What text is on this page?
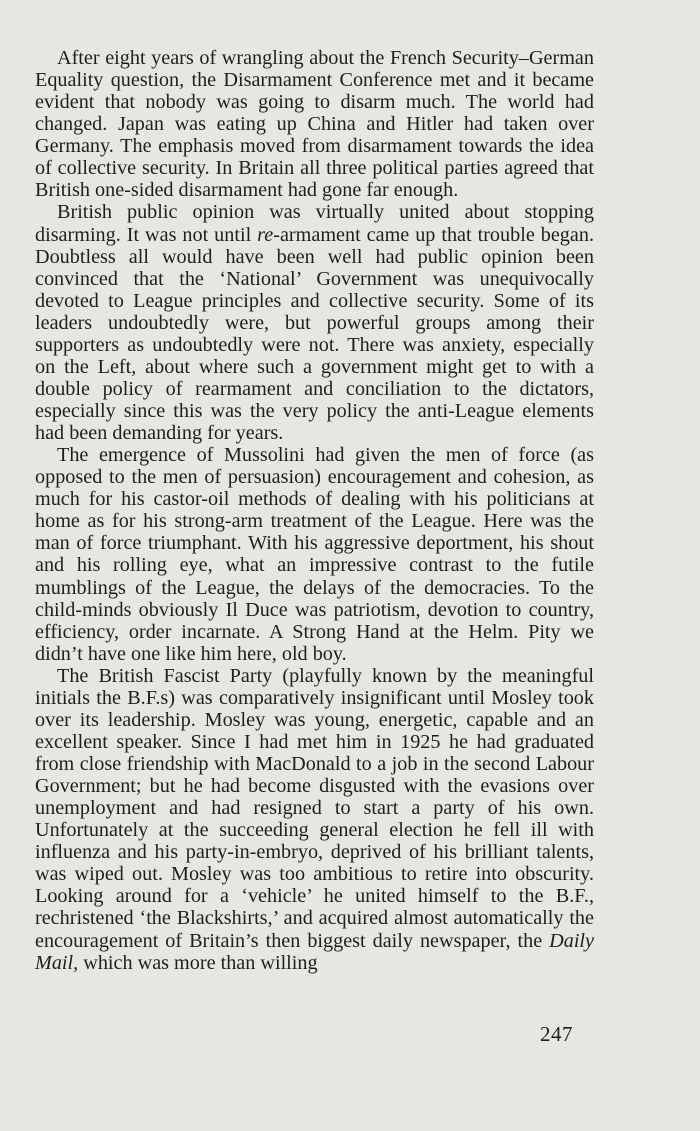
After eight years of wrangling about the French Security–German Equality question, the Disarmament Conference met and it became evident that nobody was going to disarm much. The world had changed. Japan was eating up China and Hitler had taken over Germany. The emphasis moved from disarmament towards the idea of collective security. In Britain all three political parties agreed that British one-sided disarmament had gone far enough.

British public opinion was virtually united about stopping disarming. It was not until re-armament came up that trouble began. Doubtless all would have been well had public opinion been convinced that the ‘National’ Government was unequivocally devoted to League principles and collective security. Some of its leaders undoubtedly were, but powerful groups among their supporters as undoubtedly were not. There was anxiety, especially on the Left, about where such a government might get to with a double policy of rearmament and conciliation to the dictators, especially since this was the very policy the anti-League elements had been demanding for years.

The emergence of Mussolini had given the men of force (as opposed to the men of persuasion) encouragement and cohesion, as much for his castor-oil methods of dealing with his politicians at home as for his strong-arm treatment of the League. Here was the man of force triumphant. With his aggressive deportment, his shout and his rolling eye, what an impressive contrast to the futile mumblings of the League, the delays of the democracies. To the child-minds obviously Il Duce was patriotism, devotion to country, efficiency, order incarnate. A Strong Hand at the Helm. Pity we didn’t have one like him here, old boy.

The British Fascist Party (playfully known by the meaningful initials the B.F.s) was comparatively insignificant until Mosley took over its leadership. Mosley was young, energetic, capable and an excellent speaker. Since I had met him in 1925 he had graduated from close friendship with MacDonald to a job in the second Labour Government; but he had become disgusted with the evasions over unemployment and had resigned to start a party of his own. Unfortunately at the succeeding general election he fell ill with influenza and his party-in-embryo, deprived of his brilliant talents, was wiped out. Mosley was too ambitious to retire into obscurity. Looking around for a ‘vehicle’ he united himself to the B.F., rechristened ‘the Blackshirts,’ and acquired almost automatically the encouragement of Britain’s then biggest daily newspaper, the Daily Mail, which was more than willing

247
